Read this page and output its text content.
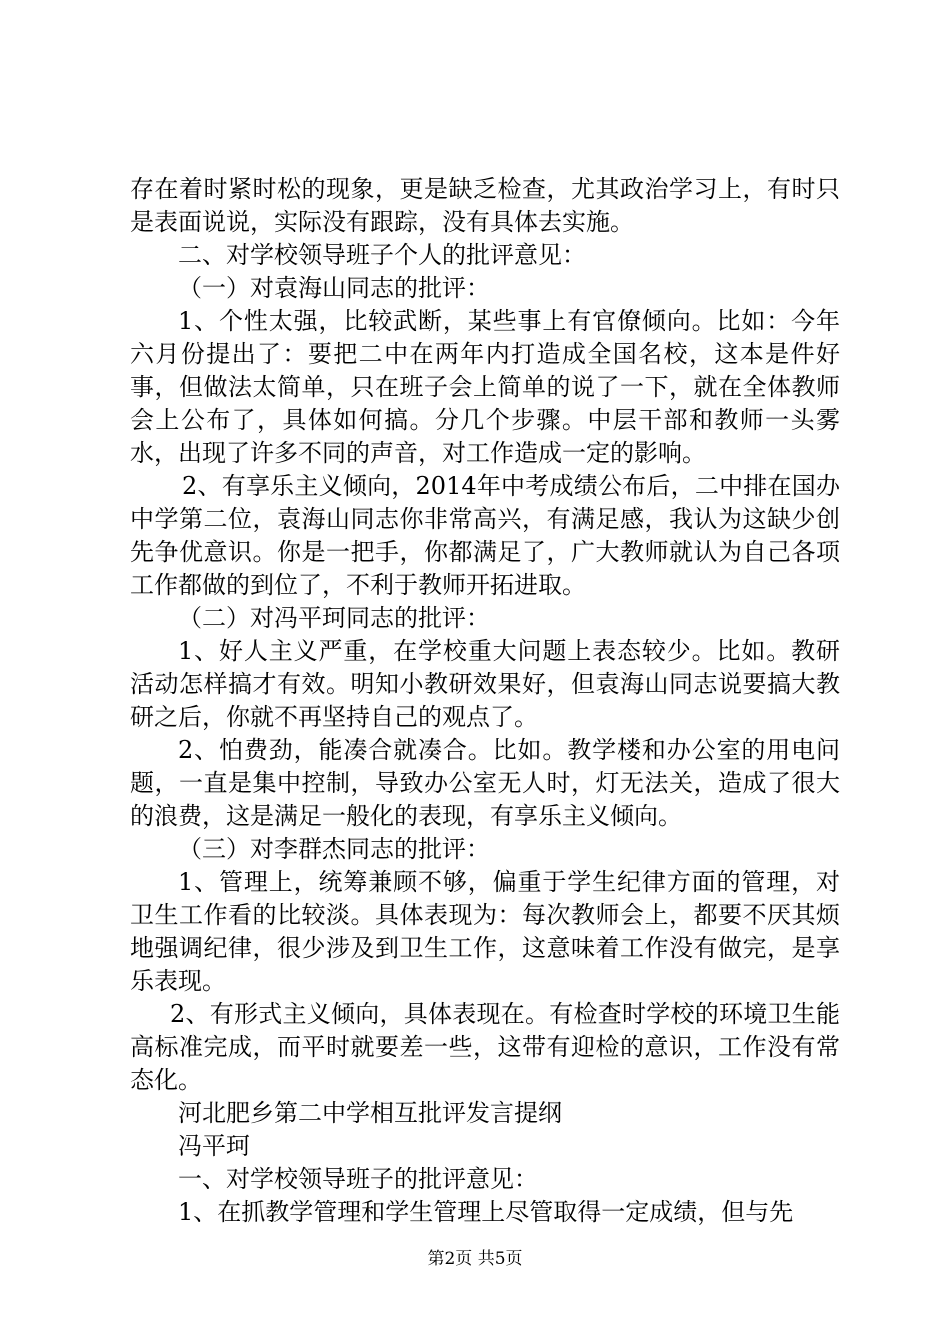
存在着时紧时松的现象，更是缺乏检查，尤其政治学习上，有时只是表面说说，实际没有跟踪，没有具体去实施。

二、对学校领导班子个人的批评意见：

（一）对袁海山同志的批评：

1、个性太强，比较武断，某些事上有官僚倾向。比如：今年六月份提出了：要把二中在两年内打造成全国名校，这本是件好事，但做法太简单，只在班子会上简单的说了一下，就在全体教师会上公布了，具体如何搞。分几个步骤。中层干部和教师一头雾水，出现了许多不同的声音，对工作造成一定的影响。

2、有享乐主义倾向，2014年中考成绩公布后，二中排在国办中学第二位，袁海山同志你非常高兴，有满足感，我认为这缺少创先争优意识。你是一把手，你都满足了，广大教师就认为自己各项工作都做的到位了，不利于教师开拓进取。

（二）对冯平珂同志的批评：

1、好人主义严重，在学校重大问题上表态较少。比如。教研活动怎样搞才有效。明知小教研效果好，但袁海山同志说要搞大教研之后，你就不再坚持自己的观点了。

2、怕费劲，能凑合就凑合。比如。教学楼和办公室的用电问题，一直是集中控制，导致办公室无人时，灯无法关，造成了很大的浪费，这是满足一般化的表现，有享乐主义倾向。

（三）对李群杰同志的批评：

1、管理上，统筹兼顾不够，偏重于学生纪律方面的管理，对卫生工作看的比较淡。具体表现为：每次教师会上，都要不厌其烦地强调纪律，很少涉及到卫生工作，这意味着工作没有做完，是享乐表现。

2、有形式主义倾向，具体表现在。有检查时学校的环境卫生能高标准完成，而平时就要差一些，这带有迎检的意识，工作没有常态化。

河北肥乡第二中学相互批评发言提纲

冯平珂

一、对学校领导班子的批评意见：

1、在抓教学管理和学生管理上尽管取得一定成绩，但与先

第2页 共5页
